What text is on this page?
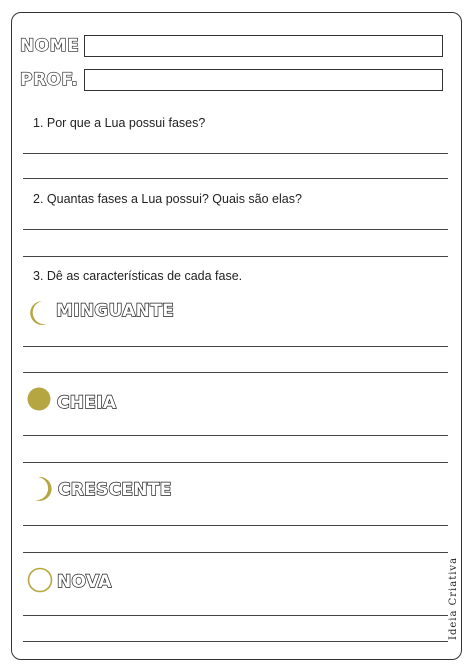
NOME
PROF.
1. Por que a Lua possui fases?
2. Quantas fases a Lua possui? Quais são elas?
3. Dê as características de cada fase.
MINGUANTE
CHEIA
CRESCENTE
NOVA	Ideia Criativa
